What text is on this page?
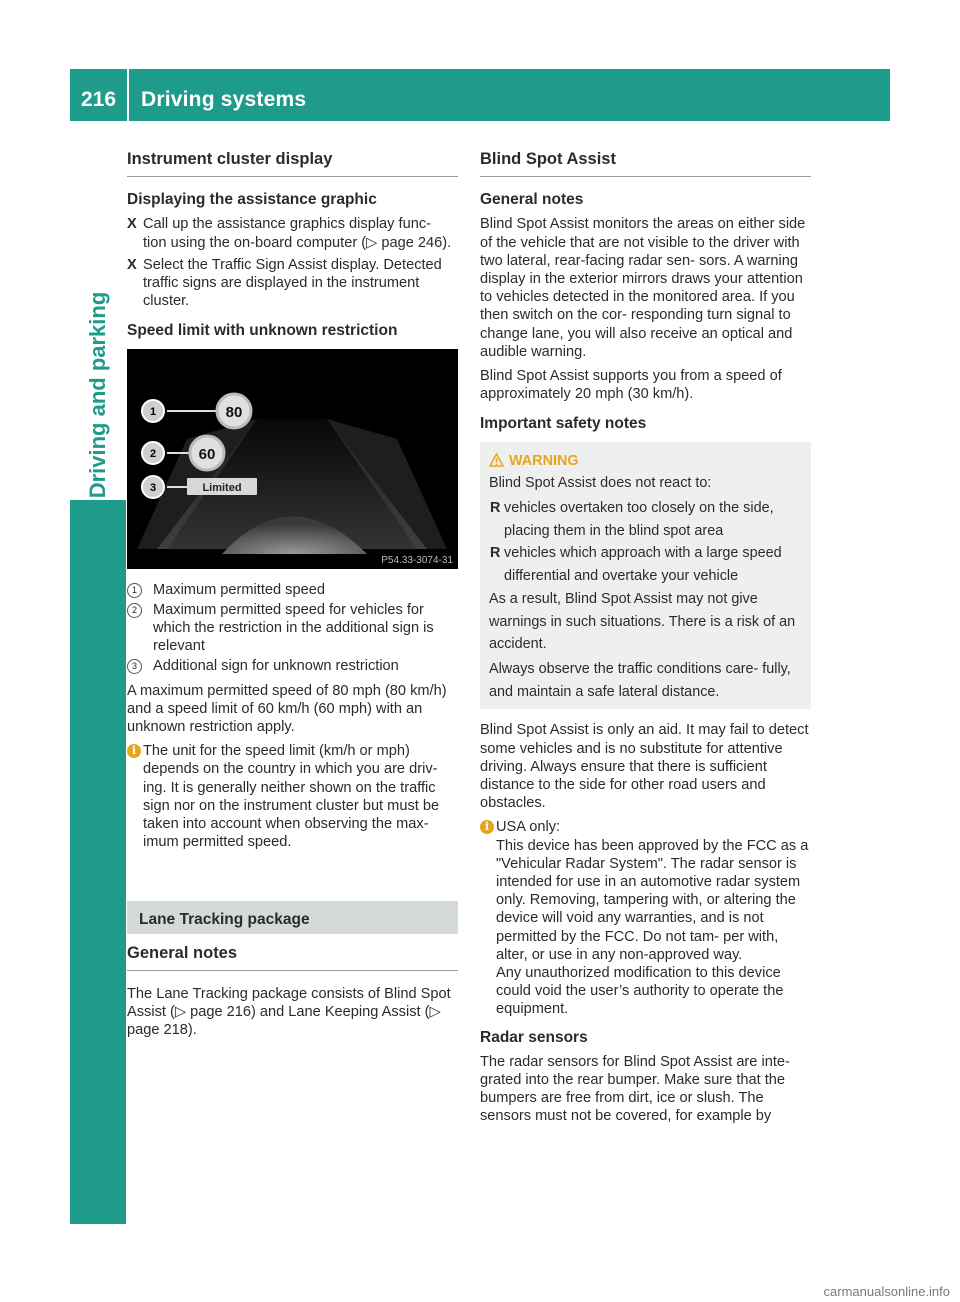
216	Driving systems
Driving and parking
Instrument cluster display
Displaying the assistance graphic
X Call up the assistance graphics display func- tion using the on-board computer (▷ page 246).
X Select the Traffic Sign Assist display. Detected traffic signs are displayed in the instrument cluster.
Speed limit with unknown restriction
1
2
3
80
60
Limited
P54.33-3074-31
1	Maximum permitted speed
2	Maximum permitted speed for vehicles for which the restriction in the additional sign is relevant
3	Additional sign for unknown restriction

A maximum permitted speed of 80 mph (80 km/h) and a speed limit of 60 km/h (60 mph) with an unknown restriction apply.

i The unit for the speed limit (km/h or mph) depends on the country in which you are driv- ing. It is generally neither shown on the traffic sign nor on the instrument cluster but must be taken into account when observing the max- imum permitted speed.
Lane Tracking package
General notes

The Lane Tracking package consists of Blind Spot Assist (▷ page 216) and Lane Keeping Assist (▷ page 218).

Blind Spot Assist
General notes

Blind Spot Assist monitors the areas on either side of the vehicle that are not visible to the driver with two lateral, rear-facing radar sen- sors. A warning display in the exterior mirrors draws your attention to vehicles detected in the monitored area. If you then switch on the cor- responding turn signal to change lane, you will also receive an optical and audible warning.

Blind Spot Assist supports you from a speed of approximately 20 mph (30 km/h).

Important safety notes
WARNING

Blind Spot Assist does not react to:

R vehicles overtaken too closely on the side, placing them in the blind spot area
R vehicles which approach with a large speed differential and overtake your vehicle

As a result, Blind Spot Assist may not give warnings in such situations. There is a risk of an accident.

Always observe the traffic conditions care- fully, and maintain a safe lateral distance.

Blind Spot Assist is only an aid. It may fail to detect some vehicles and is no substitute for attentive driving. Always ensure that there is sufficient distance to the side for other road users and obstacles.

i USA only:
This device has been approved by the FCC as a "Vehicular Radar System". The radar sensor is intended for use in an automotive radar system only. Removing, tampering with, or altering the device will void any warranties, and is not permitted by the FCC. Do not tam- per with, alter, or use in any non-approved way.
Any unauthorized modification to this device could void the user’s authority to operate the equipment.
Radar sensors

The radar sensors for Blind Spot Assist are inte- grated into the rear bumper. Make sure that the bumpers are free from dirt, ice or slush. The sensors must not be covered, for example by

carmanualsonline.info
